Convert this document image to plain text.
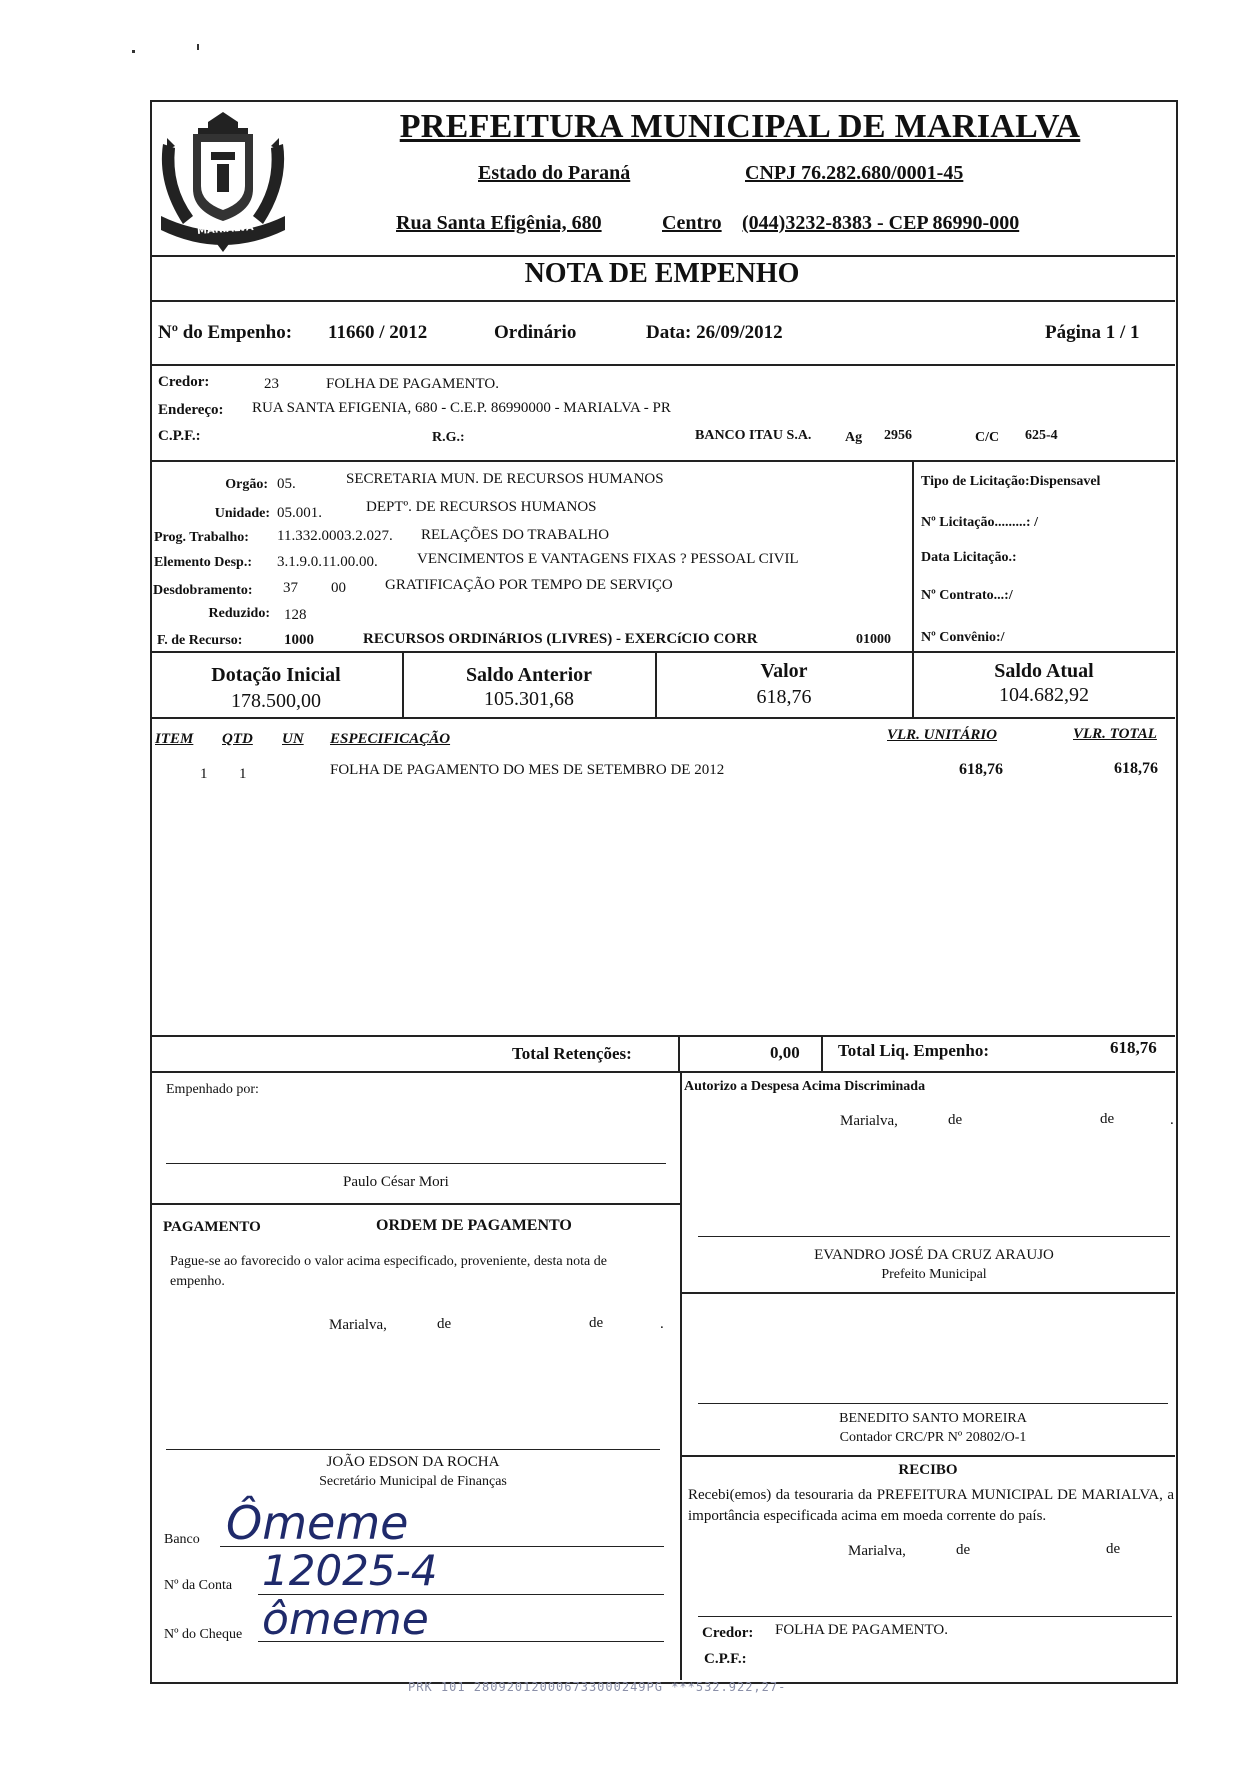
MARIALVA
PREFEITURA MUNICIPAL DE MARIALVA
Estado do Paraná	CNPJ 76.282.680/0001-45
Rua Santa Efigênia, 680	Centro (044)3232-8383 - CEP 86990-000
NOTA DE EMPENHO
Nº do Empenho: 11660 / 2012	Ordinário	Data: 26/09/2012	Página 1 / 1
Credor:	23	FOLHA DE PAGAMENTO.
Endereço: RUA SANTA EFIGENIA, 680 - C.E.P. 86990000 - MARIALVA - PR
C.P.F.:	R.G.:	BANCO ITAU S.A. Ag 2956	C/C 625-4
Orgão: 05.	SECRETARIA MUN. DE RECURSOS HUMANOS
Unidade: 05.001.	DEPTº. DE RECURSOS HUMANOS
Prog. Trabalho: 11.332.0003.2.027. RELAÇÕES DO TRABALHO
Elemento Desp.: 3.1.9.0.11.00.00.	VENCIMENTOS E VANTAGENS FIXAS ? PESSOAL CIVIL
Desdobramento: 37 00	GRATIFICAÇÃO POR TEMPO DE SERVIÇO
Reduzido: 128
F. de Recurso:	1000	RECURSOS ORDINáRIOS (LIVRES) - EXERCíCIO CORR	01000
Tipo de Licitação:Dispensavel
Nº Licitação.........: /
Data Licitação.:
Nº Contrato...:/
Nº Convênio:/
Dotação Inicial
178.500,00
Saldo Anterior
105.301,68
Valor
618,76
Saldo Atual
104.682,92
ITEM QTD UN ESPECIFICAÇÃO	VLR. UNITÁRIO	VLR. TOTAL
1 1	FOLHA DE PAGAMENTO DO MES DE SETEMBRO DE 2012	618,76	618,76
Total Retenções:	0,00 Total Liq. Empenho:	618,76
Empenhado por:
Paulo César Mori
PAGAMENTO	ORDEM DE PAGAMENTO
Pague-se ao favorecido o valor acima especificado, proveniente, desta nota de empenho.
Marialva,	de	de	.
JOÃO EDSON DA ROCHA
Secretário Municipal de Finanças
Banco Ômeme
Nº da Conta 12025-4
Nº do Cheque ômeme
Autorizo a Despesa Acima Discriminada
Marialva,	de	de	.
EVANDRO JOSÉ DA CRUZ ARAUJO
Prefeito Municipal
BENEDITO SANTO MOREIRA
Contador CRC/PR Nº 20802/O-1
RECIBO
Recebi(emos) da tesouraria da PREFEITURA MUNICIPAL DE MARIALVA, a importância especificada acima em moeda corrente do país.
Marialva,	de	de
Credor: FOLHA DE PAGAMENTO.
C.P.F.:
PRK 101 280920120006733000249PG ***532.922,27-
